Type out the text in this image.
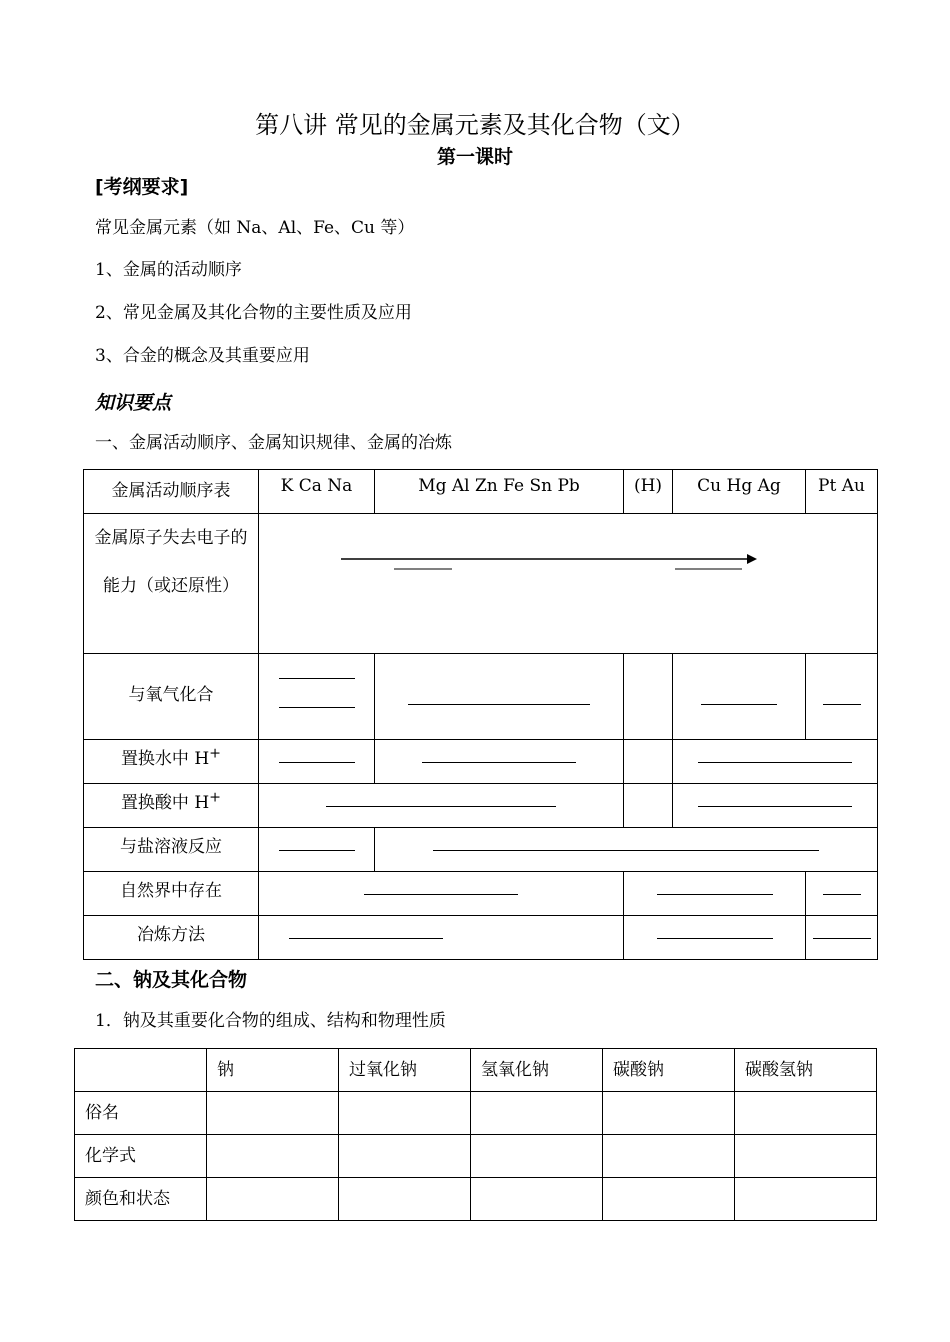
第八讲 常见的金属元素及其化合物（文）
第一课时
[考纲要求]
常见金属元素（如 Na、Al、Fe、Cu 等）
1、金属的活动顺序
2、常见金属及其化合物的主要性质及应用
3、合金的概念及其重要应用
知识要点
一、金属活动顺序、金属知识规律、金属的冶炼
金属活动顺序表	K Ca Na	Mg Al Zn Fe Sn Pb	(H)	Cu Hg Ag	Pt Au
金属原子失去电子的能力（或还原性）	

与氧气化合					
置换水中 H+				
置换酸中 H+			
与盐溶液反应					
自然界中存在					
冶炼方法					
二、钠及其化合物
1．钠及其重要化合物的组成、结构和物理性质
	钠	过氧化钠	氢氧化钠	碳酸钠	碳酸氢钠
俗名					
化学式					
颜色和状态					
